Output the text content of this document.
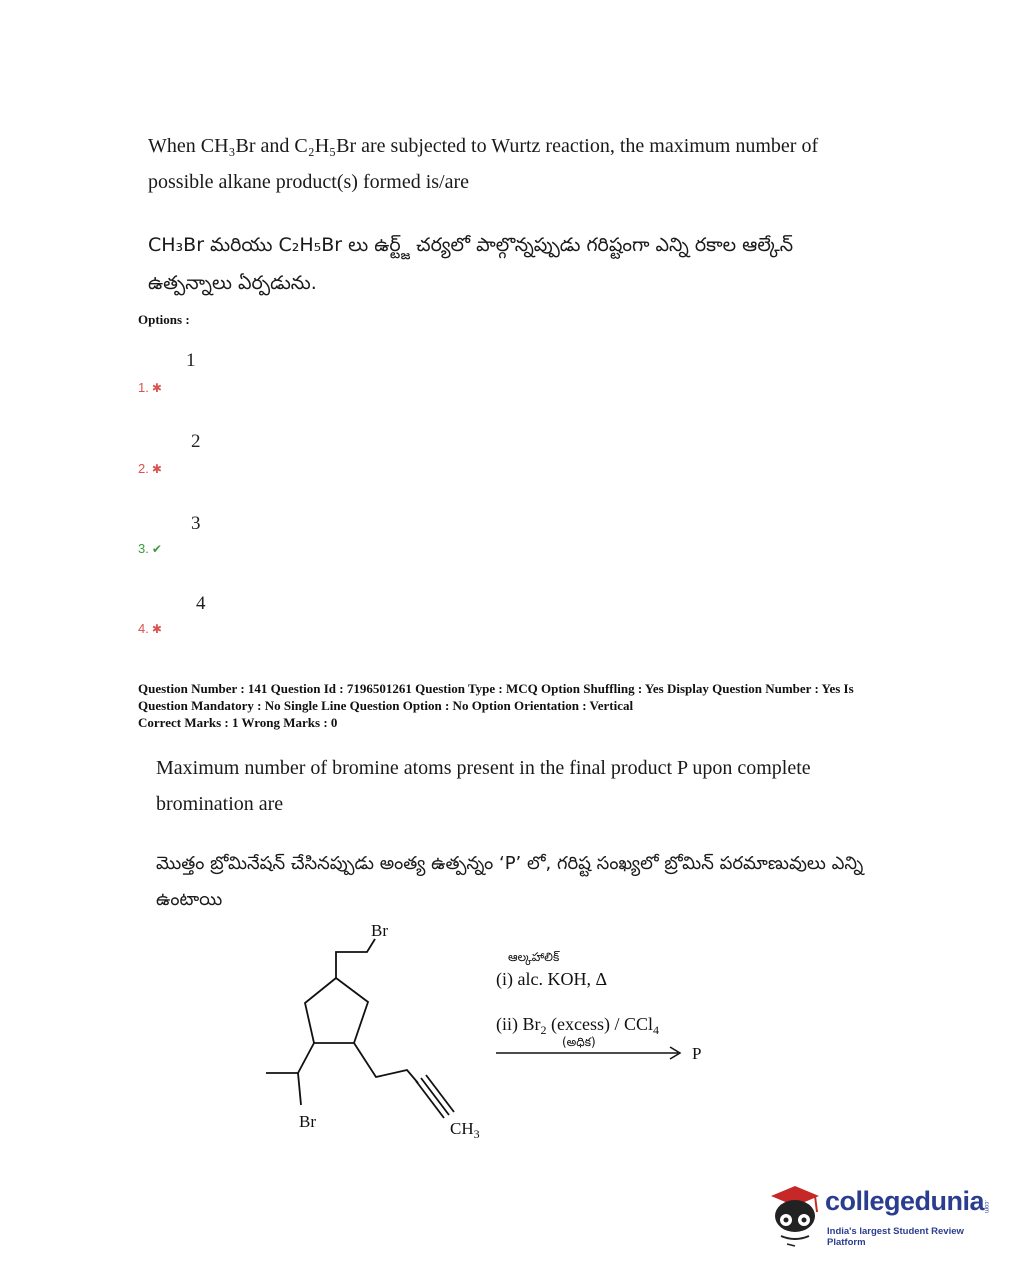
When CH₃Br and C₂H₅Br are subjected to Wurtz reaction, the maximum number of
possible alkane product(s) formed is/are
CH₃Br మరియు C₂H₅Br లు ఉర్ట్జ్ చర్యలో పాల్గొన్నప్పుడు గరిష్టంగా ఎన్ని రకాల ఆల్కేన్
ఉత్పన్నాలు ఏర్పడును.
Options :
1
1. ✱
2
2. ✱
3
3. ✔
4
4. ✱
Question Number : 141 Question Id : 7196501261 Question Type : MCQ Option Shuffling : Yes Display Question Number : Yes Is
Question Mandatory : No Single Line Question Option : No Option Orientation : Vertical
Correct Marks : 1 Wrong Marks : 0
Maximum number of bromine atoms present in the final product P upon complete
bromination are
మొత్తం బ్రోమినేషన్ చేసినప్పుడు అంత్య ఉత్పన్నం ‘P’ లో, గరిష్ట సంఖ్యలో బ్రోమిన్ పరమాణువులు ఎన్ని
ఉంటాయి
Br
Br	$CH_3$
ఆల్కహాలిక్
(i) alc. KOH, Δ
(ii) $Br_2$ (excess) / CCl$_4$
(అధిక)
P
collegedunia
.com
India's largest Student Review Platform
